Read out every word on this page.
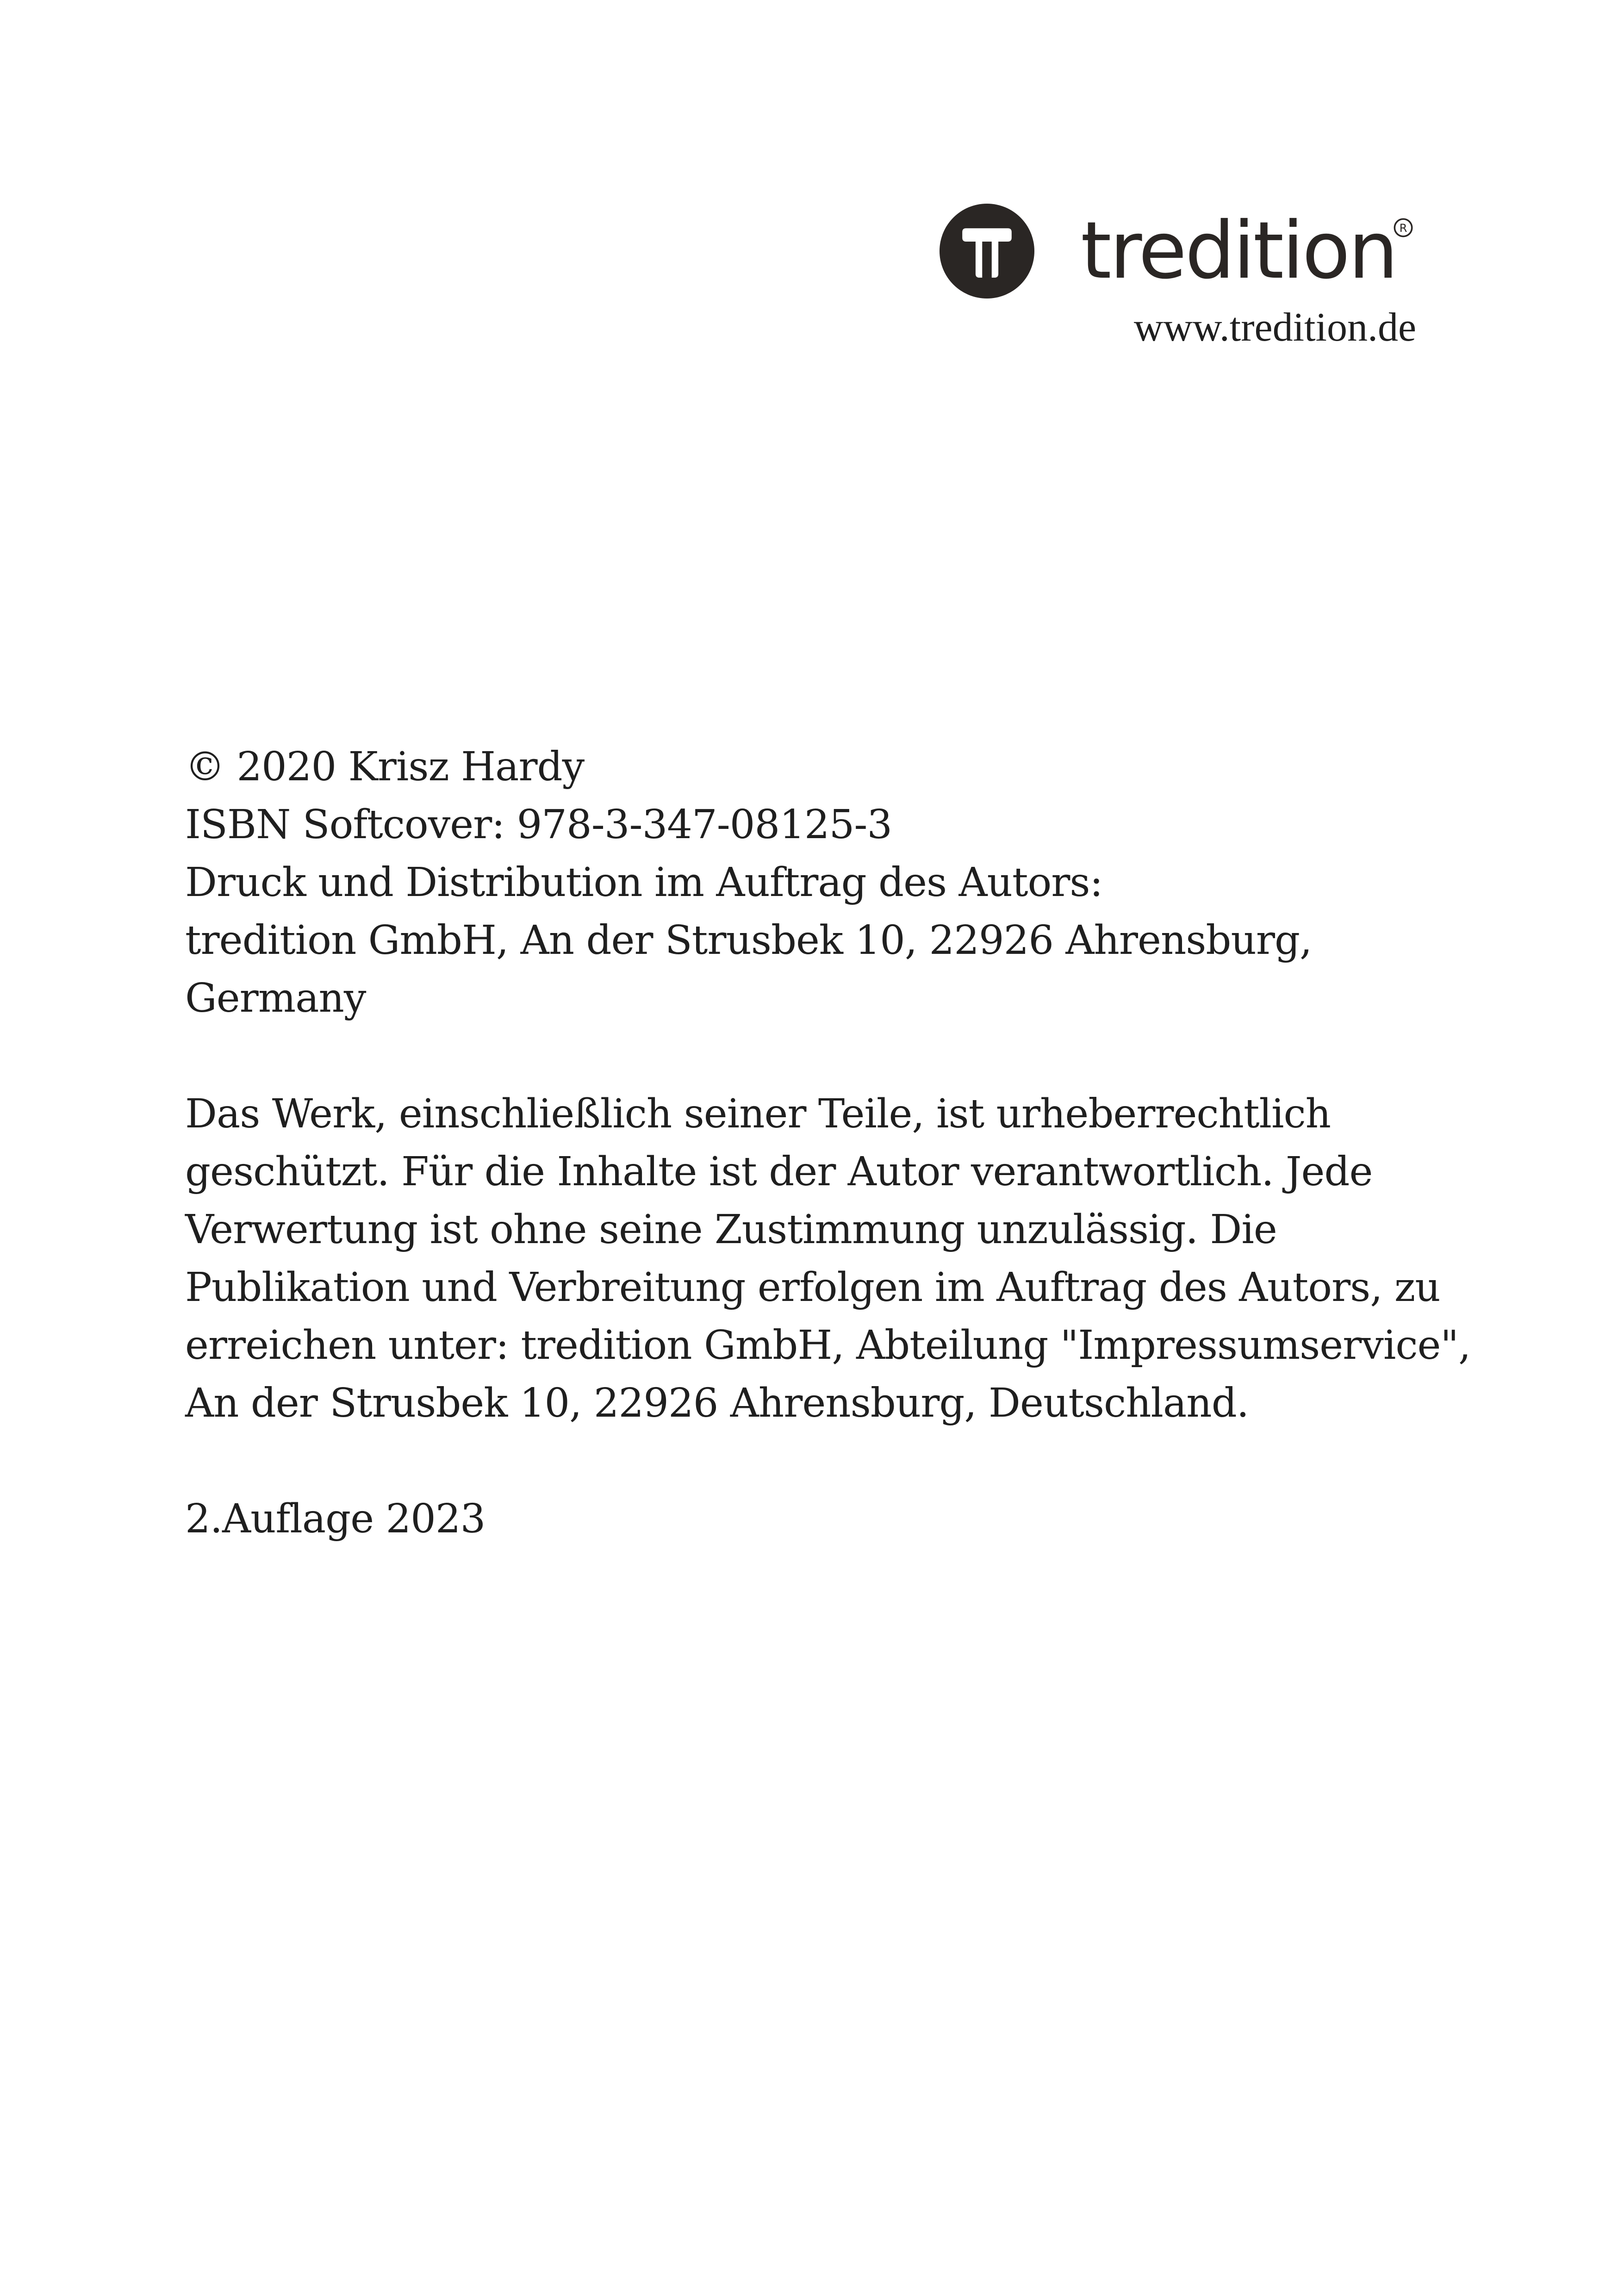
tredition R
www.tredition.de

© 2020 Krisz Hardy
ISBN Softcover: 978-3-347-08125-3
Druck und Distribution im Auftrag des Autors:
tredition GmbH, An der Strusbek 10, 22926 Ahrensburg,
Germany

Das Werk, einschließlich seiner Teile, ist urheberrechtlich
geschützt. Für die Inhalte ist der Autor verantwortlich. Jede
Verwertung ist ohne seine Zustimmung unzulässig. Die
Publikation und Verbreitung erfolgen im Auftrag des Autors, zu
erreichen unter: tredition GmbH, Abteilung "Impressumservice",
An der Strusbek 10, 22926 Ahrensburg, Deutschland.

2.Auflage 2023
